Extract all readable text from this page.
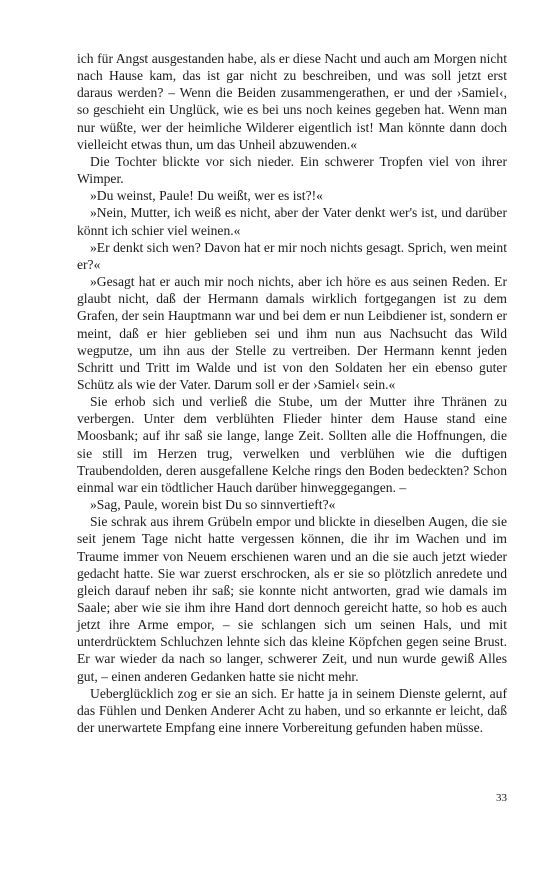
ich für Angst ausgestanden habe, als er diese Nacht und auch am Morgen nicht nach Hause kam, das ist gar nicht zu beschreiben, und was soll jetzt erst daraus werden? – Wenn die Beiden zusammengerathen, er und der ›Samiel‹, so geschieht ein Unglück, wie es bei uns noch keines gegeben hat. Wenn man nur wüßte, wer der heimliche Wilderer eigentlich ist! Man könnte dann doch vielleicht etwas thun, um das Unheil abzuwenden.«

Die Tochter blickte vor sich nieder. Ein schwerer Tropfen viel von ihrer Wimper.

»Du weinst, Paule! Du weißt, wer es ist?!«

»Nein, Mutter, ich weiß es nicht, aber der Vater denkt wer's ist, und darüber könnt ich schier viel weinen.«

»Er denkt sich wen? Davon hat er mir noch nichts gesagt. Sprich, wen meint er?«

»Gesagt hat er auch mir noch nichts, aber ich höre es aus seinen Reden. Er glaubt nicht, daß der Hermann damals wirklich fortgegangen ist zu dem Grafen, der sein Hauptmann war und bei dem er nun Leibdiener ist, sondern er meint, daß er hier geblieben sei und ihm nun aus Nachsucht das Wild wegputze, um ihn aus der Stelle zu vertreiben. Der Hermann kennt jeden Schritt und Tritt im Walde und ist von den Soldaten her ein ebenso guter Schütz als wie der Vater. Darum soll er der ›Samiel‹ sein.«

Sie erhob sich und verließ die Stube, um der Mutter ihre Thränen zu verbergen. Unter dem verblühten Flieder hinter dem Hause stand eine Moosbank; auf ihr saß sie lange, lange Zeit. Sollten alle die Hoffnungen, die sie still im Herzen trug, verwelken und verblühen wie die duftigen Traubendolden, deren ausgefallene Kelche rings den Boden bedeckten? Schon einmal war ein tödtlicher Hauch darüber hinweggegangen. –

»Sag, Paule, worein bist Du so sinnvertieft?«

Sie schrak aus ihrem Grübeln empor und blickte in dieselben Augen, die sie seit jenem Tage nicht hatte vergessen können, die ihr im Wachen und im Traume immer von Neuem erschienen waren und an die sie auch jetzt wieder gedacht hatte. Sie war zuerst erschrocken, als er sie so plötzlich anredete und gleich darauf neben ihr saß; sie konnte nicht antworten, grad wie damals im Saale; aber wie sie ihm ihre Hand dort dennoch gereicht hatte, so hob es auch jetzt ihre Arme empor, – sie schlangen sich um seinen Hals, und mit unterdrücktem Schluchzen lehnte sich das kleine Köpfchen gegen seine Brust. Er war wieder da nach so langer, schwerer Zeit, und nun wurde gewiß Alles gut, – einen anderen Gedanken hatte sie nicht mehr.

Ueberglücklich zog er sie an sich. Er hatte ja in seinem Dienste gelernt, auf das Fühlen und Denken Anderer Acht zu haben, und so erkannte er leicht, daß der unerwartete Empfang eine innere Vorbereitung gefunden haben müsse.

33
